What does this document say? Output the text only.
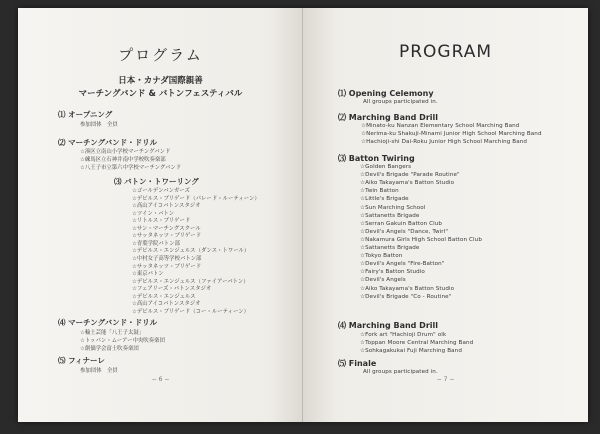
プログラム
日本・カナダ国際親善
マーチングバンド & バトンフェスティバル
⑴ オープニング
参加団体　全員
⑵ マーチングバンド・ドリル
☆湊区立南山小学校マーチングバンド
☆練馬区立石神井南中学校吹奏楽部
☆八王子市立第六中学校マーチングバンド
⑶ バトン・トワーリング
☆ゴールデンバンガーズ
☆デビルス・ブリゲード（パレード・ルーティーン）
☆高山アイコバトンスタジオ
☆ツイン・バトン
☆リトルス・ブリゲード
☆サン・マーチングスクール
☆サッタネッツ・ブリゲード
☆青葉学院バトン部
☆デビルス・エンジェルス（ダンス・トワール）
☆中村女子高等学校バトン部
☆サッタネッツ・ブリゲード
☆東京バトン
☆デビルス・エンジェルス（ファイアーバトン）
☆フェアリーズ・バトンスタジオ
☆デビルス・エンジェルス
☆高山アイコバトンスタジオ
☆デビルス・ブリゲード（コー・ルーティーン）
⑷ マーチングバンド・ドリル
☆輸土芸能「八王子太鼓」
☆トッパン・ムーアー中央吹奏楽団
☆創価学会富士吹奏楽団
⑸ フィナーレ
参加団体　全員
− 6 −
PROGRAM
⑴ Opening Celemony
All groups participated in.
⑵ Marching Band Drill
☆Minato-ku Nanzan Elementary School Marching Band
☆Nerima-ku Shakuji-Minami Junior High School Marching Band
☆Hachioji-shi Dai-Roku Junior High School Marching Band
⑶ Batton Twiring
☆Golden Bangers
☆Devil's Brigade "Parade Routine"
☆Aiko Takayama's Batton Studio
☆Twin Batton
☆Little's Brigade
☆Sun Marching School
☆Sattanetts Brigade
☆Serran Gakuin Batton Club
☆Devil's Angels "Dance, Twirl"
☆Nakamura Girls High School Batton Club
☆Sattanetts Brigade
☆Tokyo Batton
☆Devil's Angels "Fire-Batton"
☆Fairy's Batton Studio
☆Devil's Angels
☆Aiko Takayama's Batton Studio
☆Devil's Brigade "Co - Routine"
⑷ Marching Band Drill
☆Fork art "Hachioji Drum" olk
☆Toppan Moore Central Marching Band
☆Sohkagakukai Fuji Marching Band
⑸ Finale
All groups participated in.
− 7 −
